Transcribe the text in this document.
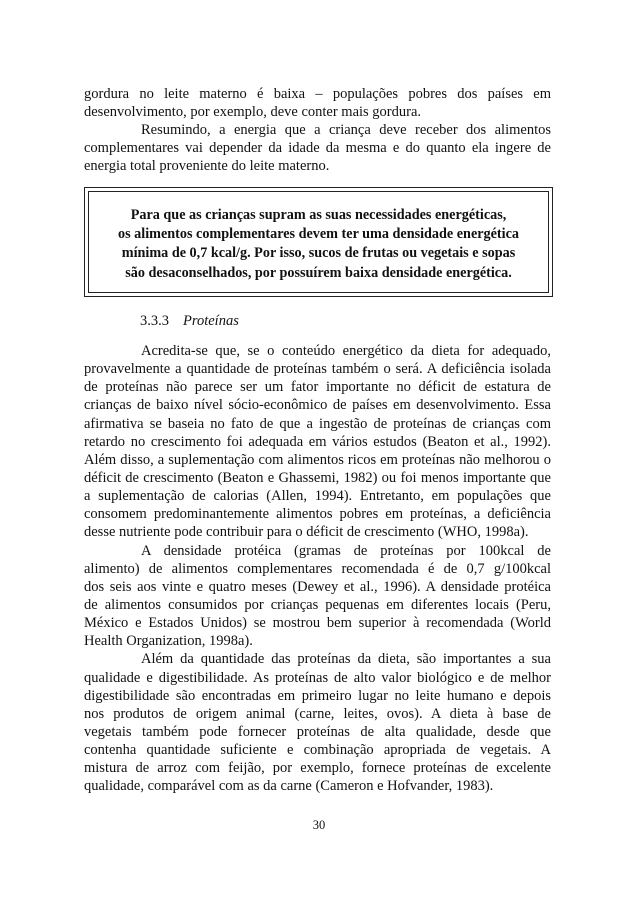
gordura no leite materno é baixa – populações pobres dos países em
desenvolvimento, por exemplo, deve conter mais gordura.
Resumindo, a energia que a criança deve receber dos alimentos
complementares vai depender da idade da mesma e do quanto ela ingere de
energia total proveniente do leite materno.
Para que as crianças supram as suas necessidades energéticas,
os alimentos complementares devem ter uma densidade energética
mínima de 0,7 kcal/g. Por isso, sucos de frutas ou vegetais e sopas
são desaconselhados, por possuírem baixa densidade energética.
3.3.3 Proteínas
Acredita-se que, se o conteúdo energético da dieta for adequado,
provavelmente a quantidade de proteínas também o será. A deficiência isolada
de proteínas não parece ser um fator importante no déficit de estatura de
crianças de baixo nível sócio-econômico de países em desenvolvimento. Essa
afirmativa se baseia no fato de que a ingestão de proteínas de crianças com
retardo no crescimento foi adequada em vários estudos (Beaton et al., 1992).
Além disso, a suplementação com alimentos ricos em proteínas não melhorou o
déficit de crescimento (Beaton e Ghassemi, 1982) ou foi menos importante que
a suplementação de calorias (Allen, 1994). Entretanto, em populações que
consomem predominantemente alimentos pobres em proteínas, a deficiência
desse nutriente pode contribuir para o déficit de crescimento (WHO, 1998a).
A densidade protéica (gramas de proteínas por 100kcal de
alimento) de alimentos complementares recomendada é de 0,7 g/100kcal
dos seis aos vinte e quatro meses (Dewey et al., 1996). A densidade protéica
de alimentos consumidos por crianças pequenas em diferentes locais (Peru,
México e Estados Unidos) se mostrou bem superior à recomendada (World
Health Organization, 1998a).
Além da quantidade das proteínas da dieta, são importantes a sua
qualidade e digestibilidade. As proteínas de alto valor biológico e de melhor
digestibilidade são encontradas em primeiro lugar no leite humano e depois
nos produtos de origem animal (carne, leites, ovos). A dieta à base de
vegetais também pode fornecer proteínas de alta qualidade, desde que
contenha quantidade suficiente e combinação apropriada de vegetais. A
mistura de arroz com feijão, por exemplo, fornece proteínas de excelente
qualidade, comparável com as da carne (Cameron e Hofvander, 1983).
30
